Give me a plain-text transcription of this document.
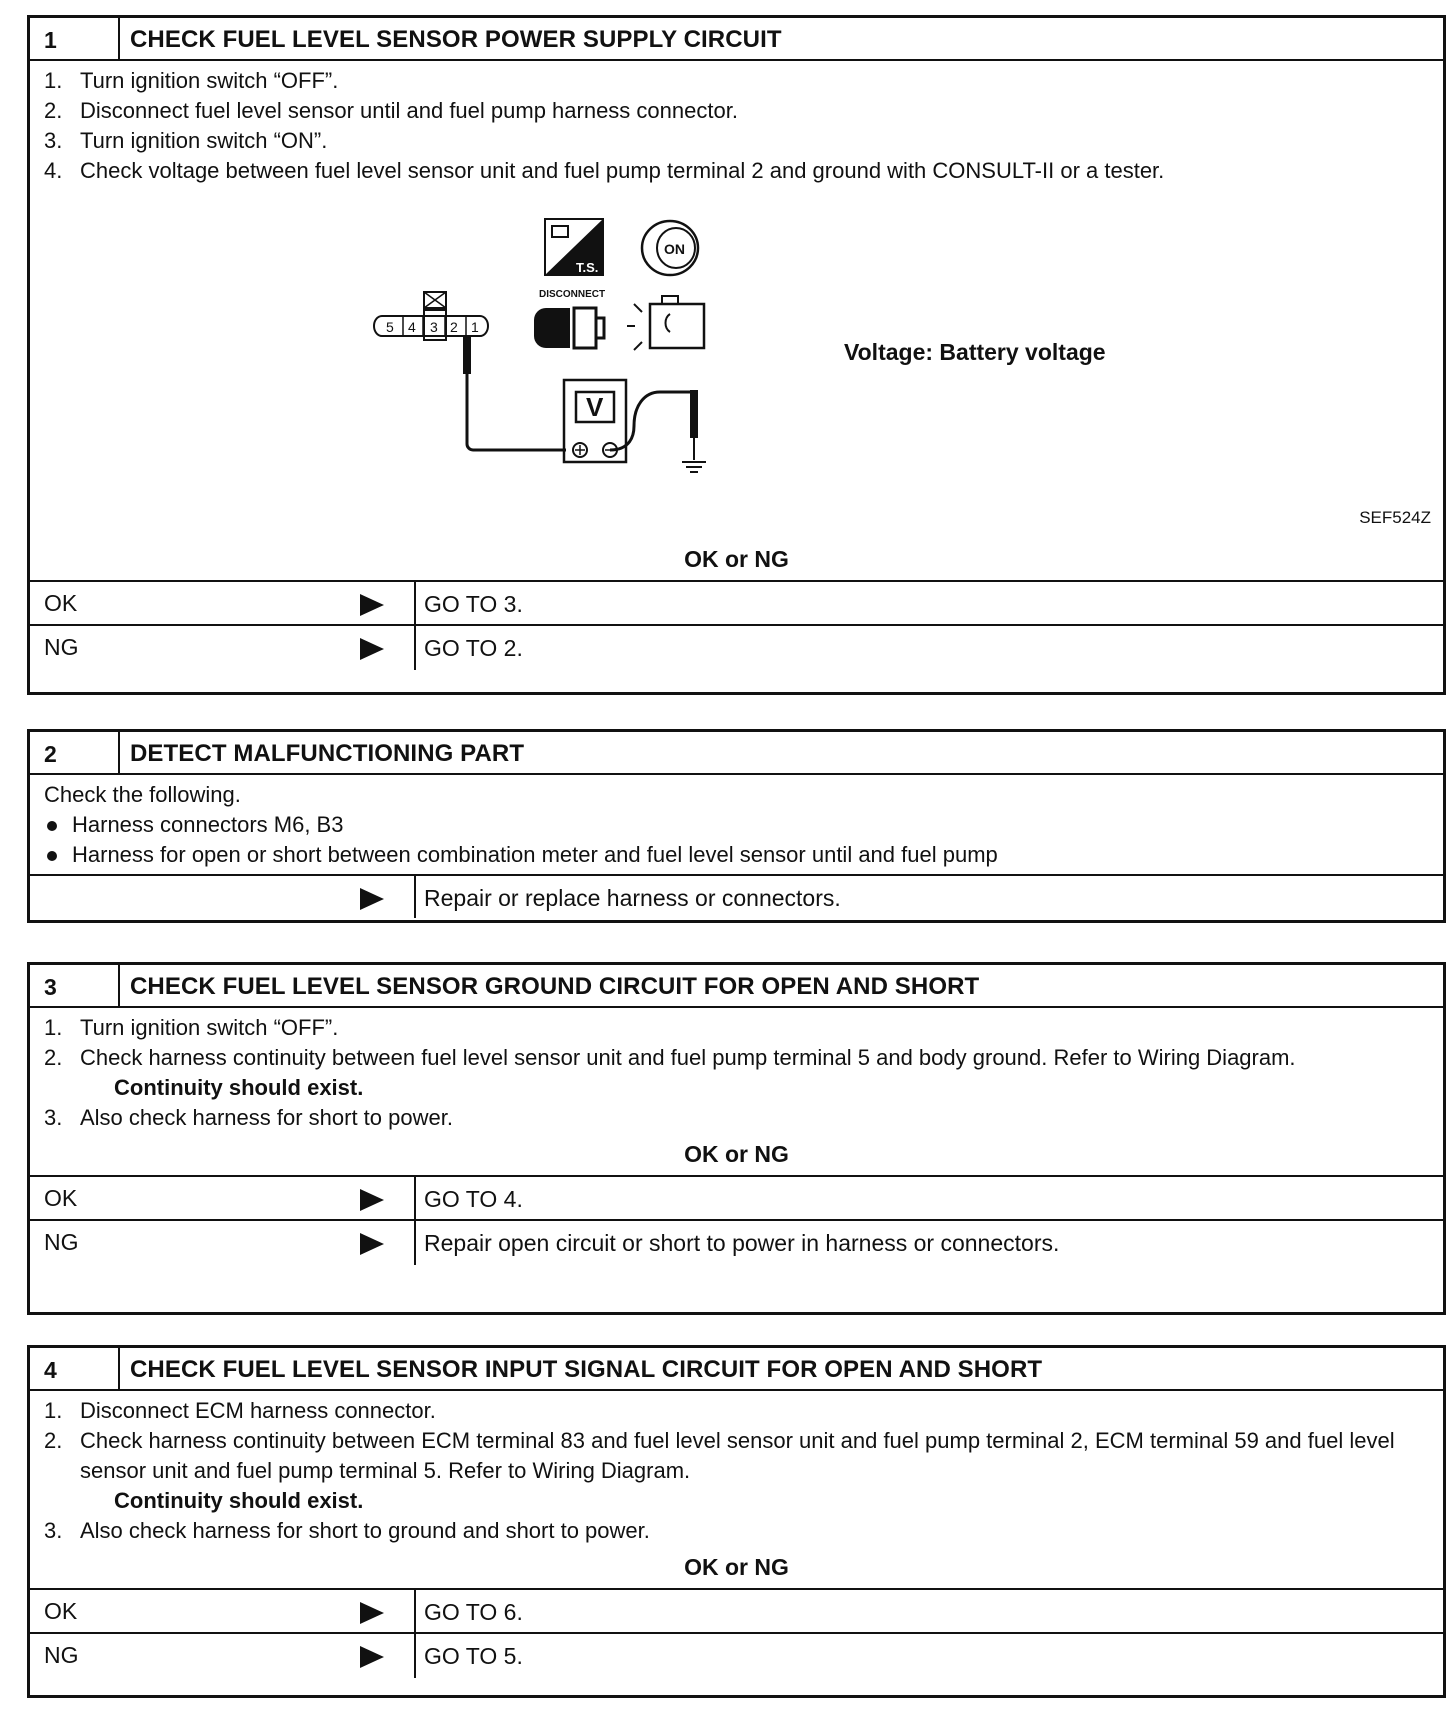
1	CHECK FUEL LEVEL SENSOR POWER SUPPLY CIRCUIT
1. Turn ignition switch “OFF”.
2. Disconnect fuel level sensor until and fuel pump harness connector.
3. Turn ignition switch “ON”.
4. Check voltage between fuel level sensor unit and fuel pump terminal 2 and ground with CONSULT-II or a tester.
T.S.
ON
DISCONNECT
5 4 3 2 1
V
Voltage: Battery voltage
SEF524Z
OK or NG
OK	GO TO 3.
NG	GO TO 2.
2	DETECT MALFUNCTIONING PART
Check the following.
Harness connectors M6, B3
Harness for open or short between combination meter and fuel level sensor until and fuel pump
Repair or replace harness or connectors.
3	CHECK FUEL LEVEL SENSOR GROUND CIRCUIT FOR OPEN AND SHORT
1. Turn ignition switch “OFF”.
2. Check harness continuity between fuel level sensor unit and fuel pump terminal 5 and body ground. Refer to Wiring Diagram.
Continuity should exist.
3. Also check harness for short to power.
OK or NG
OK	GO TO 4.
NG	Repair open circuit or short to power in harness or connectors.
4	CHECK FUEL LEVEL SENSOR INPUT SIGNAL CIRCUIT FOR OPEN AND SHORT
1. Disconnect ECM harness connector.
2. Check harness continuity between ECM terminal 83 and fuel level sensor unit and fuel pump terminal 2, ECM terminal 59 and fuel level sensor unit and fuel pump terminal 5. Refer to Wiring Diagram.
Continuity should exist.
3. Also check harness for short to ground and short to power.
OK or NG
OK	GO TO 6.
NG	GO TO 5.
